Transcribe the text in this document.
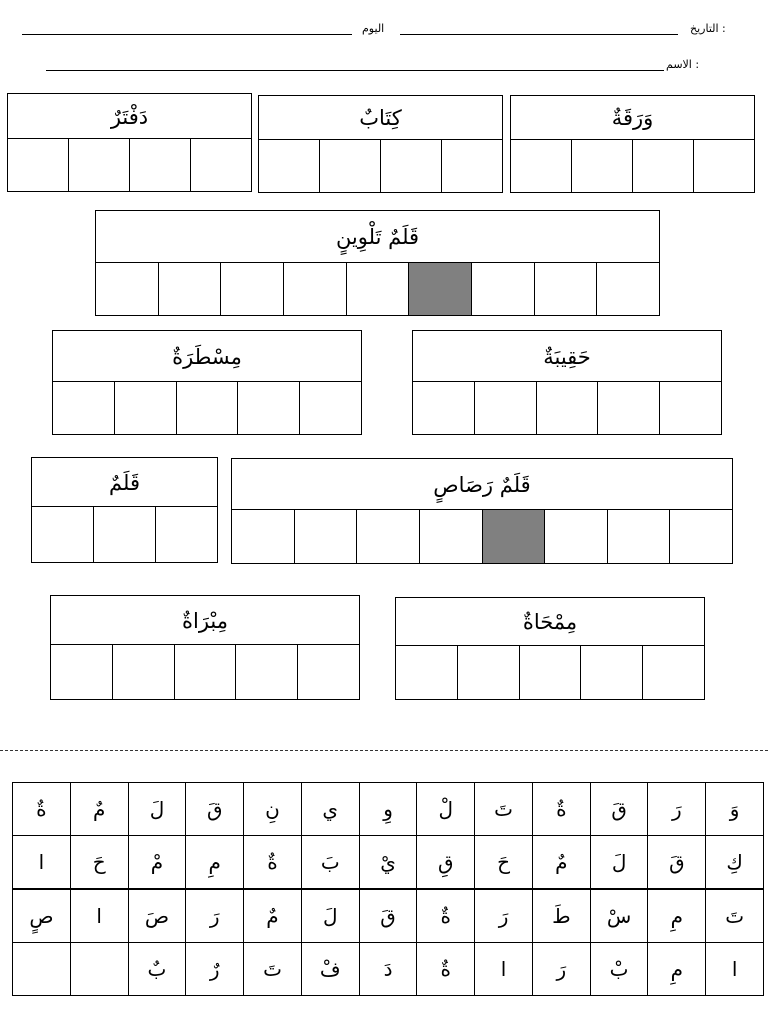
: التاريخ
اليوم
: الاسم
دَفْتَرٌ	كِتَابٌ	وَرَقَةٌ
قَلَمٌ تَلْوِينٍ
مِسْطَرَةٌ	حَقِيبَةٌ
قَلَمٌ	قَلَمٌ رَصَاصٍ
مِبْرَاةٌ	مِمْحَاةٌ
وَ	رَ	قَ	ةٌ	تَ	لْ	وِ	ي	نِ	قَ	لَ	مٌ	ةٌ
كِ	قَ	لَ	مٌ	حَ	قِ	يْ	بَ	ةٌ	مِ	مْ	حَ	ا
تَ	مِ	سْ	طَ	رَ	ةٌ	قَ	لَ	مٌ	رَ	صَ	ا	صٍ
ا	مِ	بْ	رَ	ا	ةٌ	دَ	فْ	تَ	رٌ	بٌ		
